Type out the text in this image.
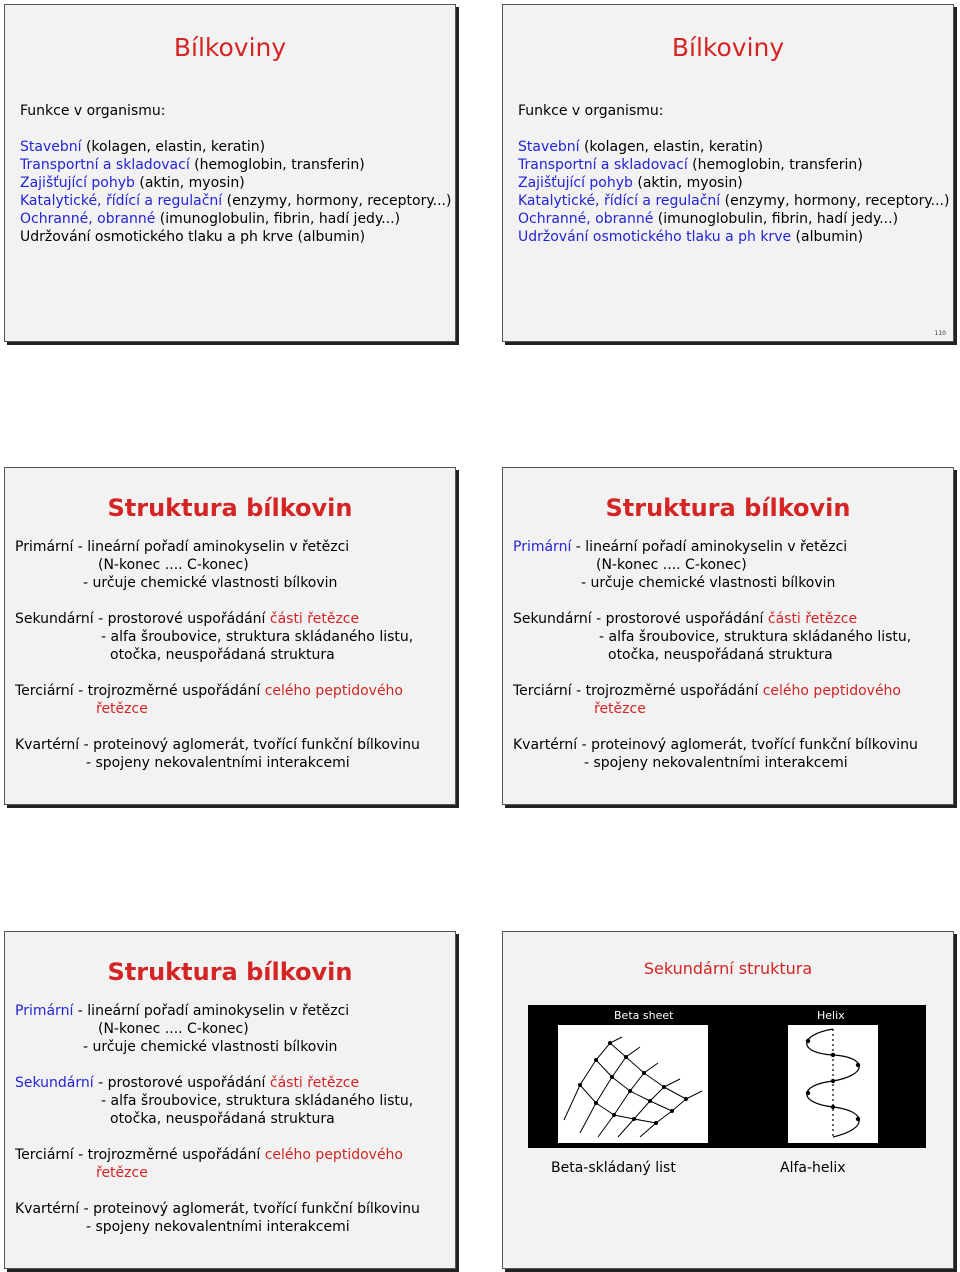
Bílkoviny
Funkce v organismu:
Stavební (kolagen, elastin, keratin)
Transportní a skladovací (hemoglobin, transferin)
Zajišťující pohyb (aktin, myosin)
Katalytické, řídící a regulační (enzymy, hormony, receptory...)
Ochranné, obranné (imunoglobulin, fibrin, hadí jedy...)
Udržování osmotického tlaku a ph krve (albumin)
Bílkoviny
Funkce v organismu:
Stavební (kolagen, elastin, keratin)
Transportní a skladovací (hemoglobin, transferin)
Zajišťující pohyb (aktin, myosin)
Katalytické, řídící a regulační (enzymy, hormony, receptory...)
Ochranné, obranné (imunoglobulin, fibrin, hadí jedy...)
Udržování osmotického tlaku a ph krve (albumin)
110
Struktura bílkovin
Primární - lineární pořadí aminokyselin v řetězci
(N-konec .... C-konec)
- určuje chemické vlastnosti bílkovin
Sekundární - prostorové uspořádání části řetězce
- alfa šroubovice, struktura skládaného listu,
otočka, neuspořádaná struktura
Terciární - trojrozměrné uspořádání celého peptidového
řetězce
Kvartérní - proteinový aglomerát, tvořící funkční bílkovinu
- spojeny nekovalentními interakcemi
Struktura bílkovin
Primární - lineární pořadí aminokyselin v řetězci
(N-konec .... C-konec)
- určuje chemické vlastnosti bílkovin
Sekundární - prostorové uspořádání části řetězce
- alfa šroubovice, struktura skládaného listu,
otočka, neuspořádaná struktura
Terciární - trojrozměrné uspořádání celého peptidového
řetězce
Kvartérní - proteinový aglomerát, tvořící funkční bílkovinu
- spojeny nekovalentními interakcemi
Struktura bílkovin
Primární - lineární pořadí aminokyselin v řetězci
(N-konec .... C-konec)
- určuje chemické vlastnosti bílkovin
Sekundární - prostorové uspořádání části řetězce
- alfa šroubovice, struktura skládaného listu,
otočka, neuspořádaná struktura
Terciární - trojrozměrné uspořádání celého peptidového
řetězce
Kvartérní - proteinový aglomerát, tvořící funkční bílkovinu
- spojeny nekovalentními interakcemi
Sekundární struktura
Beta sheet	Helix
Beta-skládaný list	Alfa-helix
